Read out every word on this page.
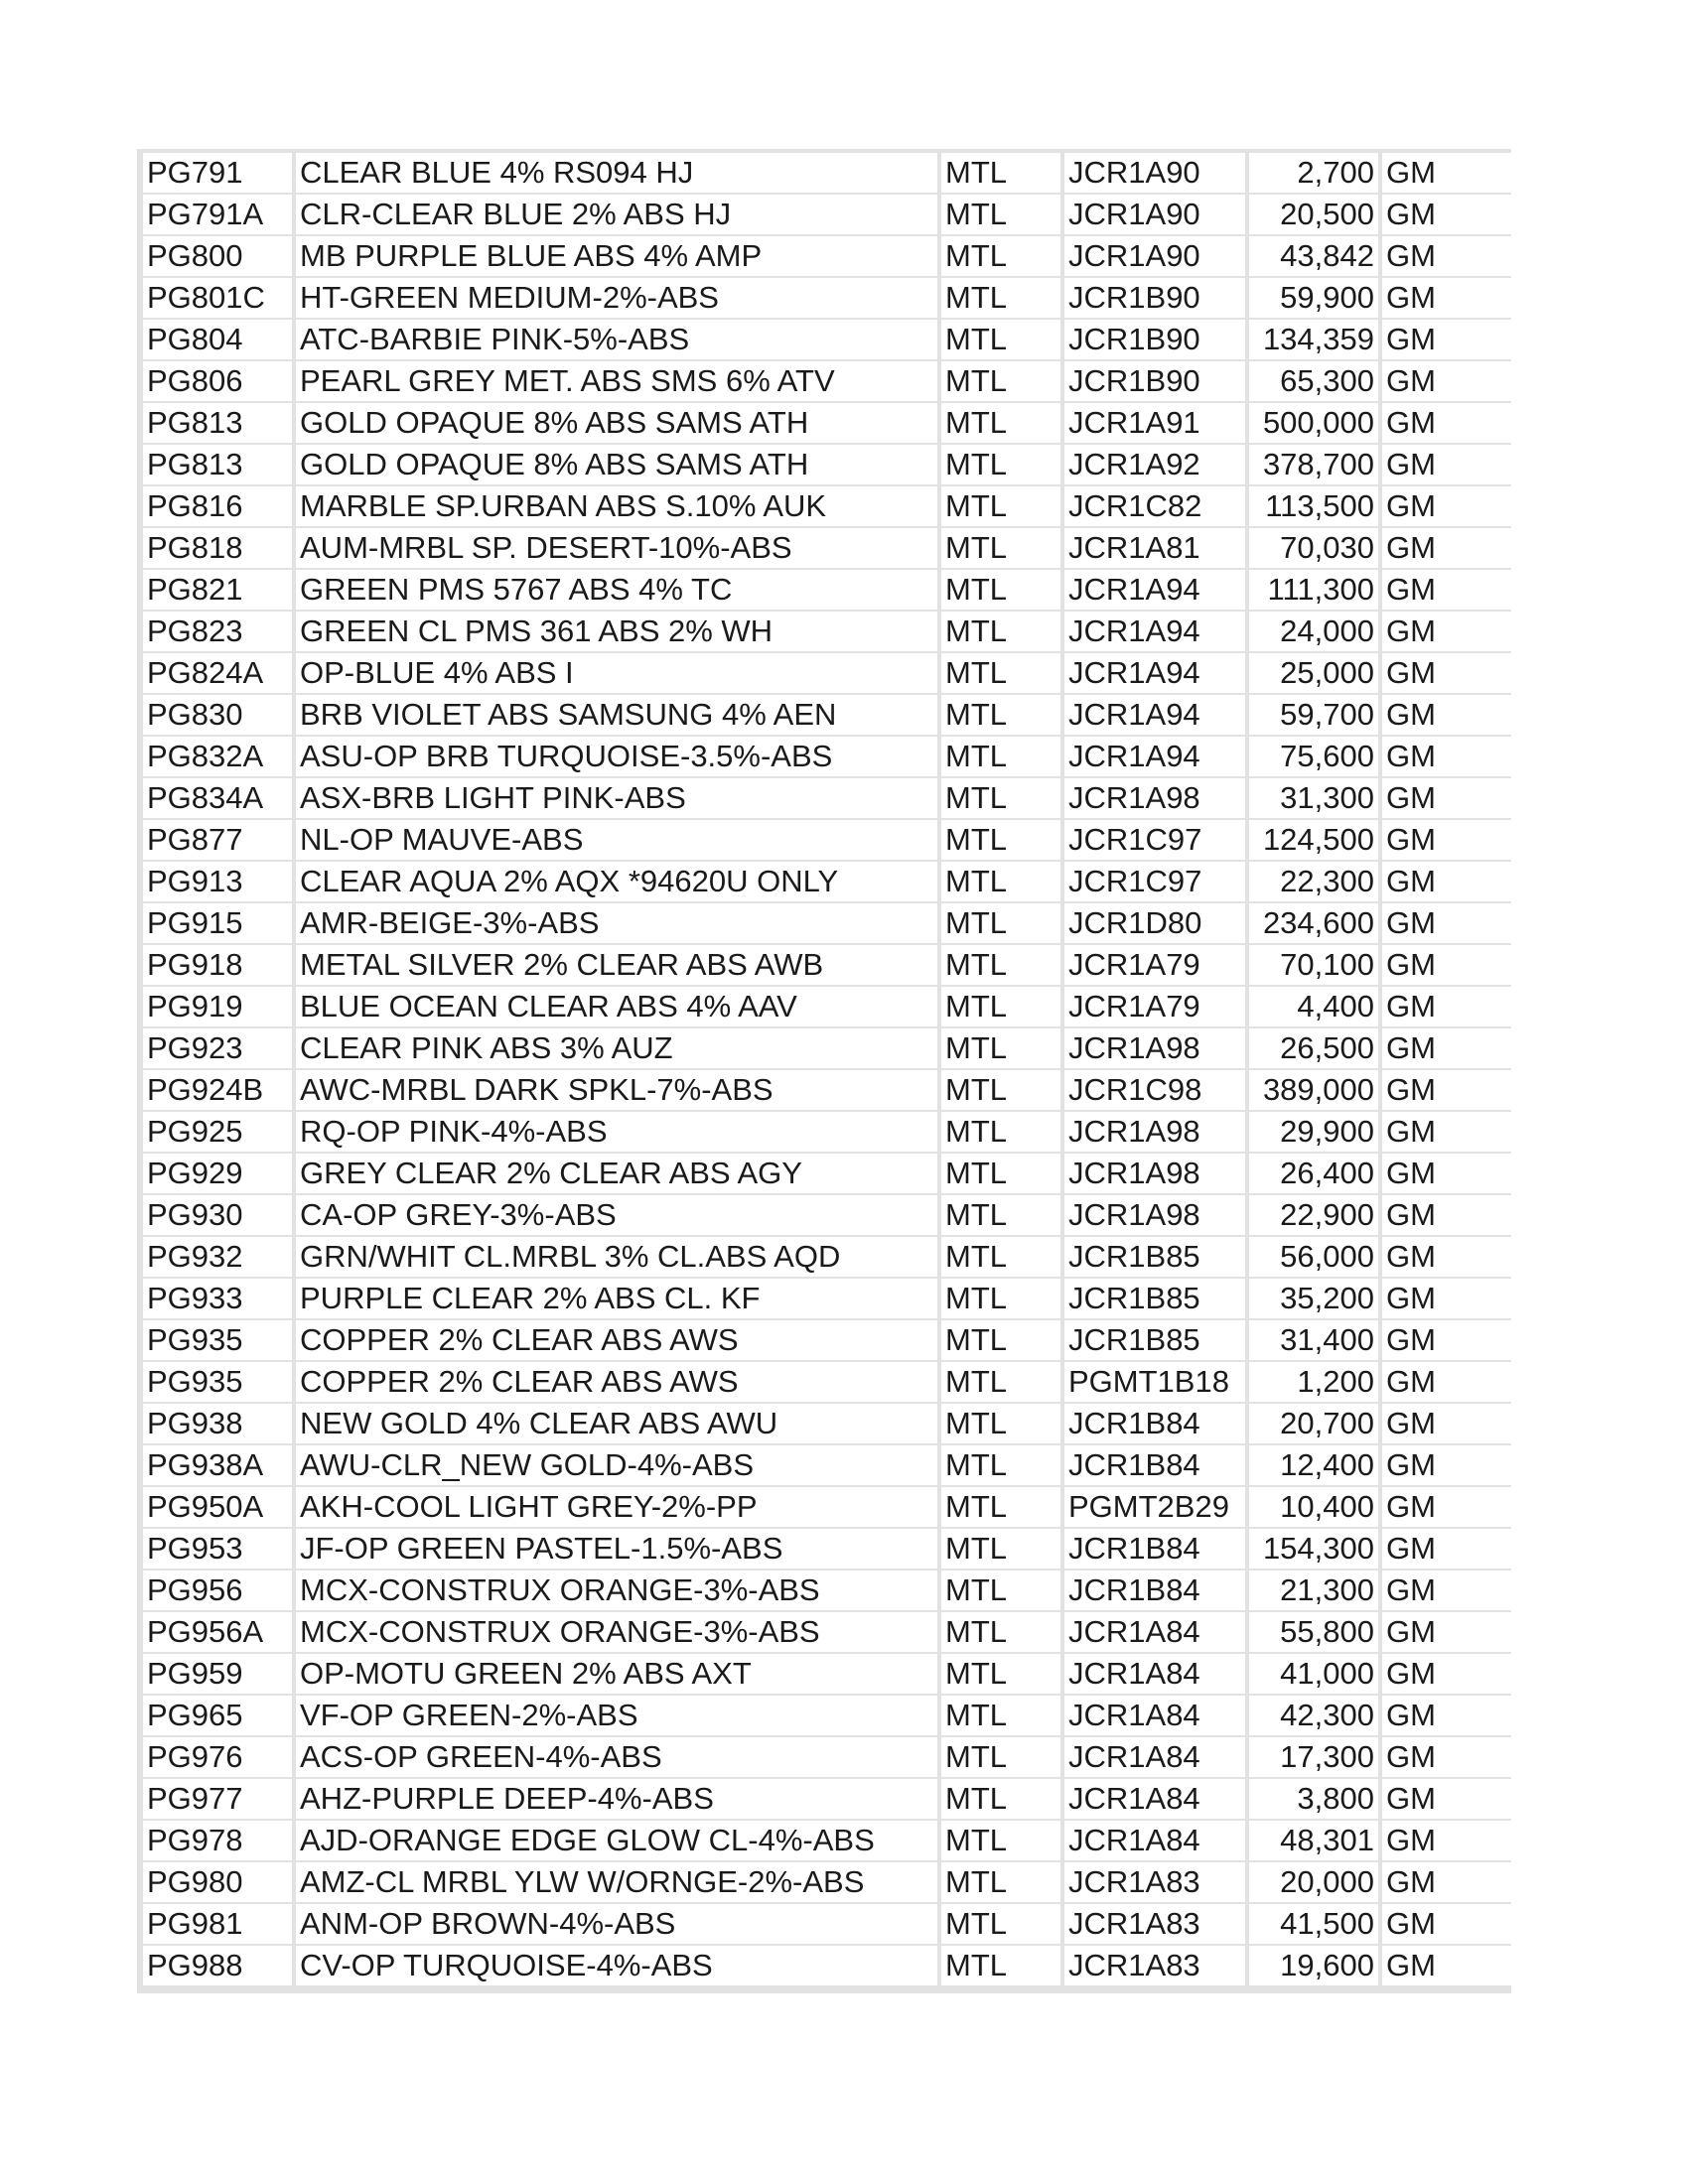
PG791	CLEAR BLUE 4% RS094 HJ	MTL	JCR1A90	2,700	GM
PG791A	CLR-CLEAR BLUE 2% ABS HJ	MTL	JCR1A90	20,500	GM
PG800	MB PURPLE BLUE ABS 4% AMP	MTL	JCR1A90	43,842	GM
PG801C	HT-GREEN MEDIUM-2%-ABS	MTL	JCR1B90	59,900	GM
PG804	ATC-BARBIE PINK-5%-ABS	MTL	JCR1B90	134,359	GM
PG806	PEARL GREY MET. ABS SMS 6% ATV	MTL	JCR1B90	65,300	GM
PG813	GOLD OPAQUE 8% ABS SAMS ATH	MTL	JCR1A91	500,000	GM
PG813	GOLD OPAQUE 8% ABS SAMS ATH	MTL	JCR1A92	378,700	GM
PG816	MARBLE SP.URBAN ABS S.10% AUK	MTL	JCR1C82	113,500	GM
PG818	AUM-MRBL SP. DESERT-10%-ABS	MTL	JCR1A81	70,030	GM
PG821	GREEN PMS 5767 ABS 4% TC	MTL	JCR1A94	111,300	GM
PG823	GREEN CL PMS 361 ABS 2% WH	MTL	JCR1A94	24,000	GM
PG824A	OP-BLUE 4% ABS I	MTL	JCR1A94	25,000	GM
PG830	BRB VIOLET ABS SAMSUNG 4% AEN	MTL	JCR1A94	59,700	GM
PG832A	ASU-OP BRB TURQUOISE-3.5%-ABS	MTL	JCR1A94	75,600	GM
PG834A	ASX-BRB LIGHT PINK-ABS	MTL	JCR1A98	31,300	GM
PG877	NL-OP MAUVE-ABS	MTL	JCR1C97	124,500	GM
PG913	CLEAR AQUA 2% AQX *94620U ONLY	MTL	JCR1C97	22,300	GM
PG915	AMR-BEIGE-3%-ABS	MTL	JCR1D80	234,600	GM
PG918	METAL SILVER 2% CLEAR ABS AWB	MTL	JCR1A79	70,100	GM
PG919	BLUE OCEAN CLEAR ABS 4% AAV	MTL	JCR1A79	4,400	GM
PG923	CLEAR PINK ABS 3% AUZ	MTL	JCR1A98	26,500	GM
PG924B	AWC-MRBL DARK SPKL-7%-ABS	MTL	JCR1C98	389,000	GM
PG925	RQ-OP PINK-4%-ABS	MTL	JCR1A98	29,900	GM
PG929	GREY CLEAR 2% CLEAR ABS AGY	MTL	JCR1A98	26,400	GM
PG930	CA-OP GREY-3%-ABS	MTL	JCR1A98	22,900	GM
PG932	GRN/WHIT CL.MRBL 3% CL.ABS AQD	MTL	JCR1B85	56,000	GM
PG933	PURPLE CLEAR 2% ABS CL. KF	MTL	JCR1B85	35,200	GM
PG935	COPPER 2% CLEAR ABS AWS	MTL	JCR1B85	31,400	GM
PG935	COPPER 2% CLEAR ABS AWS	MTL	PGMT1B18	1,200	GM
PG938	NEW GOLD 4% CLEAR ABS AWU	MTL	JCR1B84	20,700	GM
PG938A	AWU-CLR_NEW GOLD-4%-ABS	MTL	JCR1B84	12,400	GM
PG950A	AKH-COOL LIGHT GREY-2%-PP	MTL	PGMT2B29	10,400	GM
PG953	JF-OP GREEN PASTEL-1.5%-ABS	MTL	JCR1B84	154,300	GM
PG956	MCX-CONSTRUX ORANGE-3%-ABS	MTL	JCR1B84	21,300	GM
PG956A	MCX-CONSTRUX ORANGE-3%-ABS	MTL	JCR1A84	55,800	GM
PG959	OP-MOTU GREEN 2% ABS AXT	MTL	JCR1A84	41,000	GM
PG965	VF-OP GREEN-2%-ABS	MTL	JCR1A84	42,300	GM
PG976	ACS-OP GREEN-4%-ABS	MTL	JCR1A84	17,300	GM
PG977	AHZ-PURPLE DEEP-4%-ABS	MTL	JCR1A84	3,800	GM
PG978	AJD-ORANGE EDGE GLOW CL-4%-ABS	MTL	JCR1A84	48,301	GM
PG980	AMZ-CL MRBL YLW W/ORNGE-2%-ABS	MTL	JCR1A83	20,000	GM
PG981	ANM-OP BROWN-4%-ABS	MTL	JCR1A83	41,500	GM
PG988	CV-OP TURQUOISE-4%-ABS	MTL	JCR1A83	19,600	GM
